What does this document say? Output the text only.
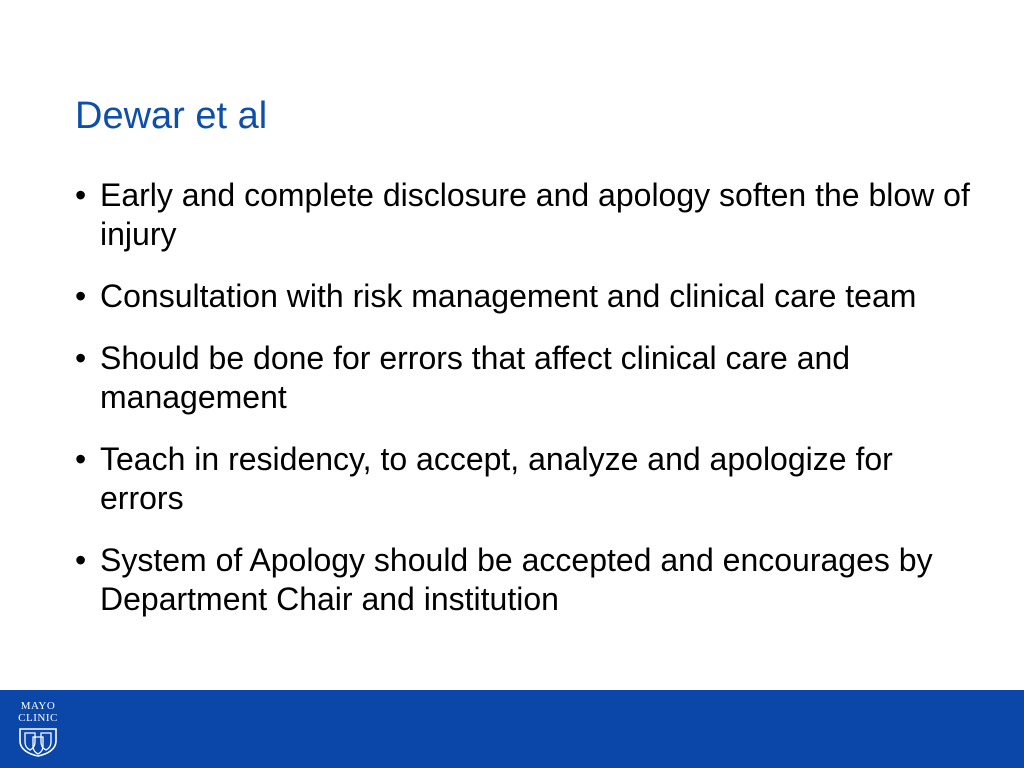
Dewar et al
• Early and complete disclosure and apology soften the blow of injury
• Consultation with risk management and clinical care team
• Should be done for errors that affect clinical care and management
• Teach in residency, to accept, analyze and apologize for errors
• System of Apology should be accepted and encourages by Department Chair and institution
MAYO
CLINIC
